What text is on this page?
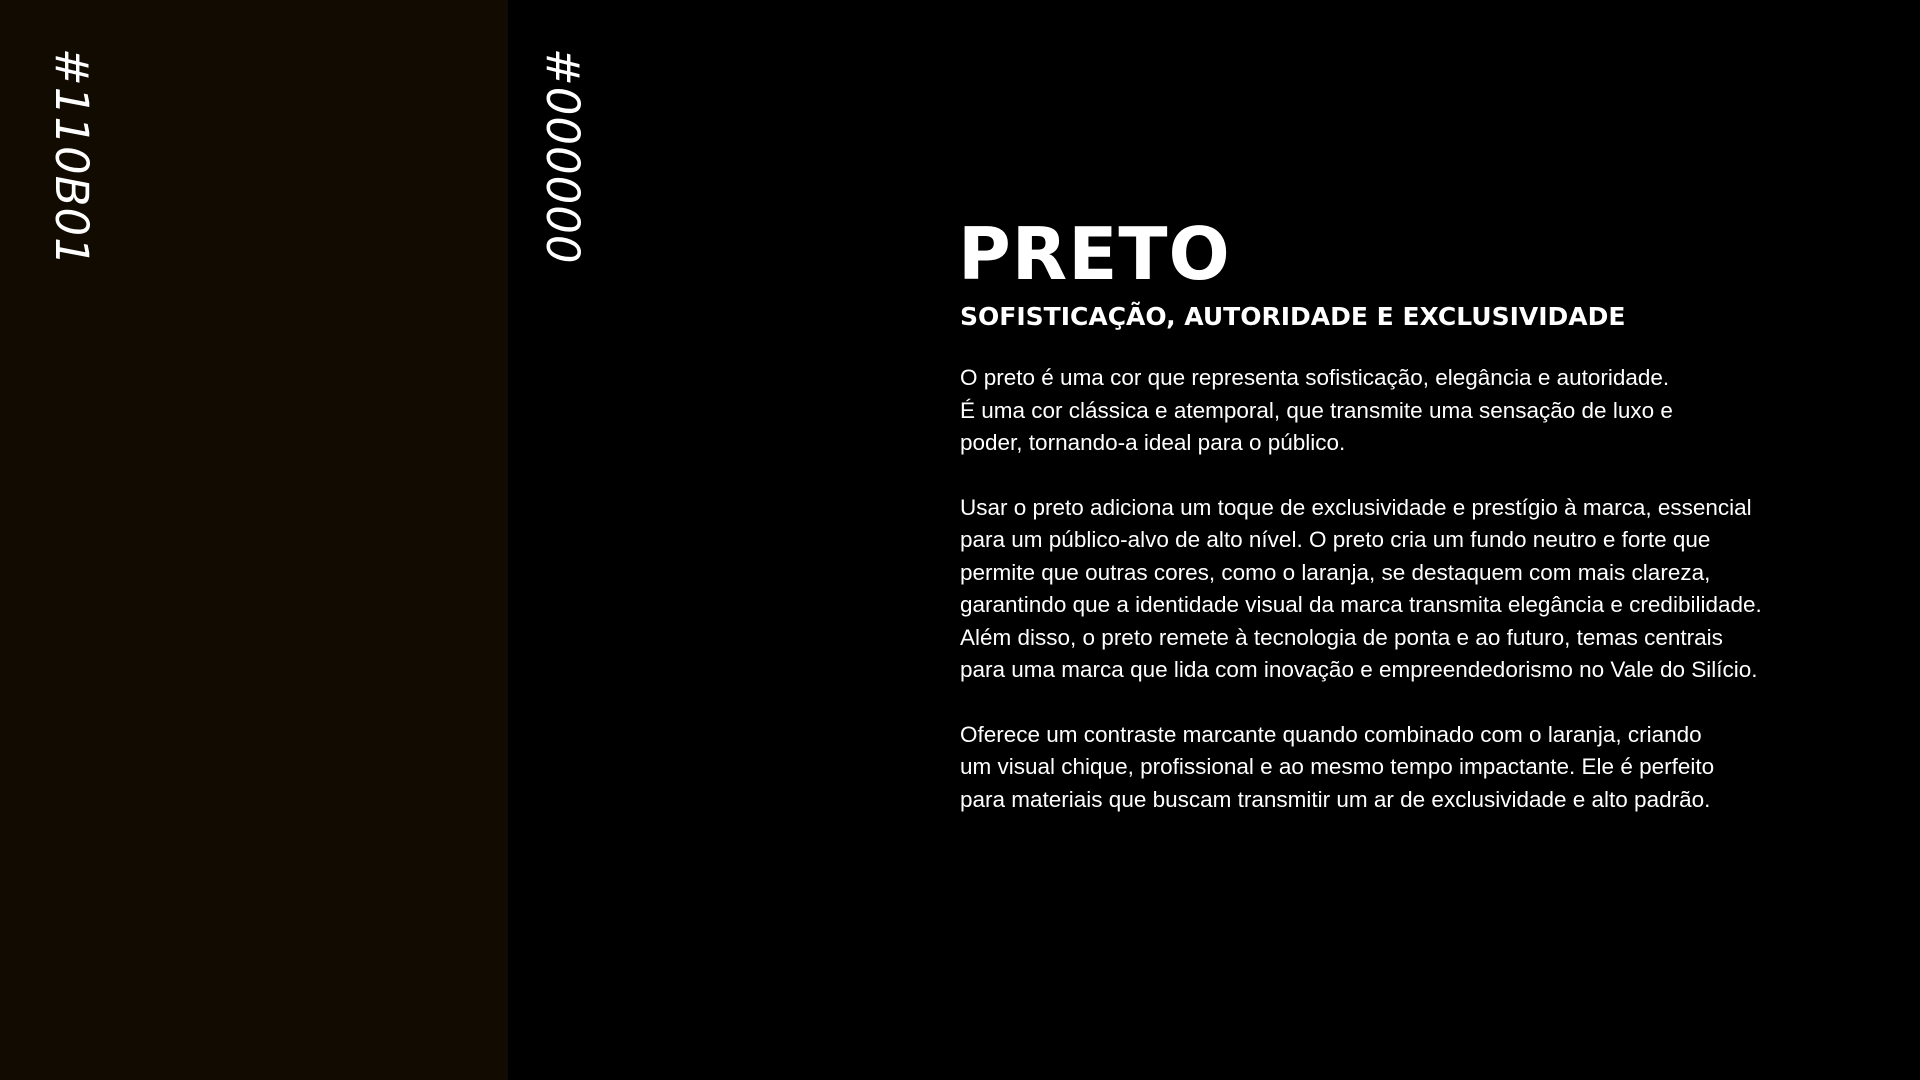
#110B01	#000000	PRETO
SOFISTICAÇÃO, AUTORIDADE E EXCLUSIVIDADE
O preto é uma cor que representa sofisticação, elegância e autoridade.
É uma cor clássica e atemporal, que transmite uma sensação de luxo e
poder, tornando-a ideal para o público.
Usar o preto adiciona um toque de exclusividade e prestígio à marca, essencial
para um público-alvo de alto nível. O preto cria um fundo neutro e forte que
permite que outras cores, como o laranja, se destaquem com mais clareza,
garantindo que a identidade visual da marca transmita elegância e credibilidade.
Além disso, o preto remete à tecnologia de ponta e ao futuro, temas centrais
para uma marca que lida com inovação e empreendedorismo no Vale do Silício.
Oferece um contraste marcante quando combinado com o laranja, criando
um visual chique, profissional e ao mesmo tempo impactante. Ele é perfeito
para materiais que buscam transmitir um ar de exclusividade e alto padrão.
